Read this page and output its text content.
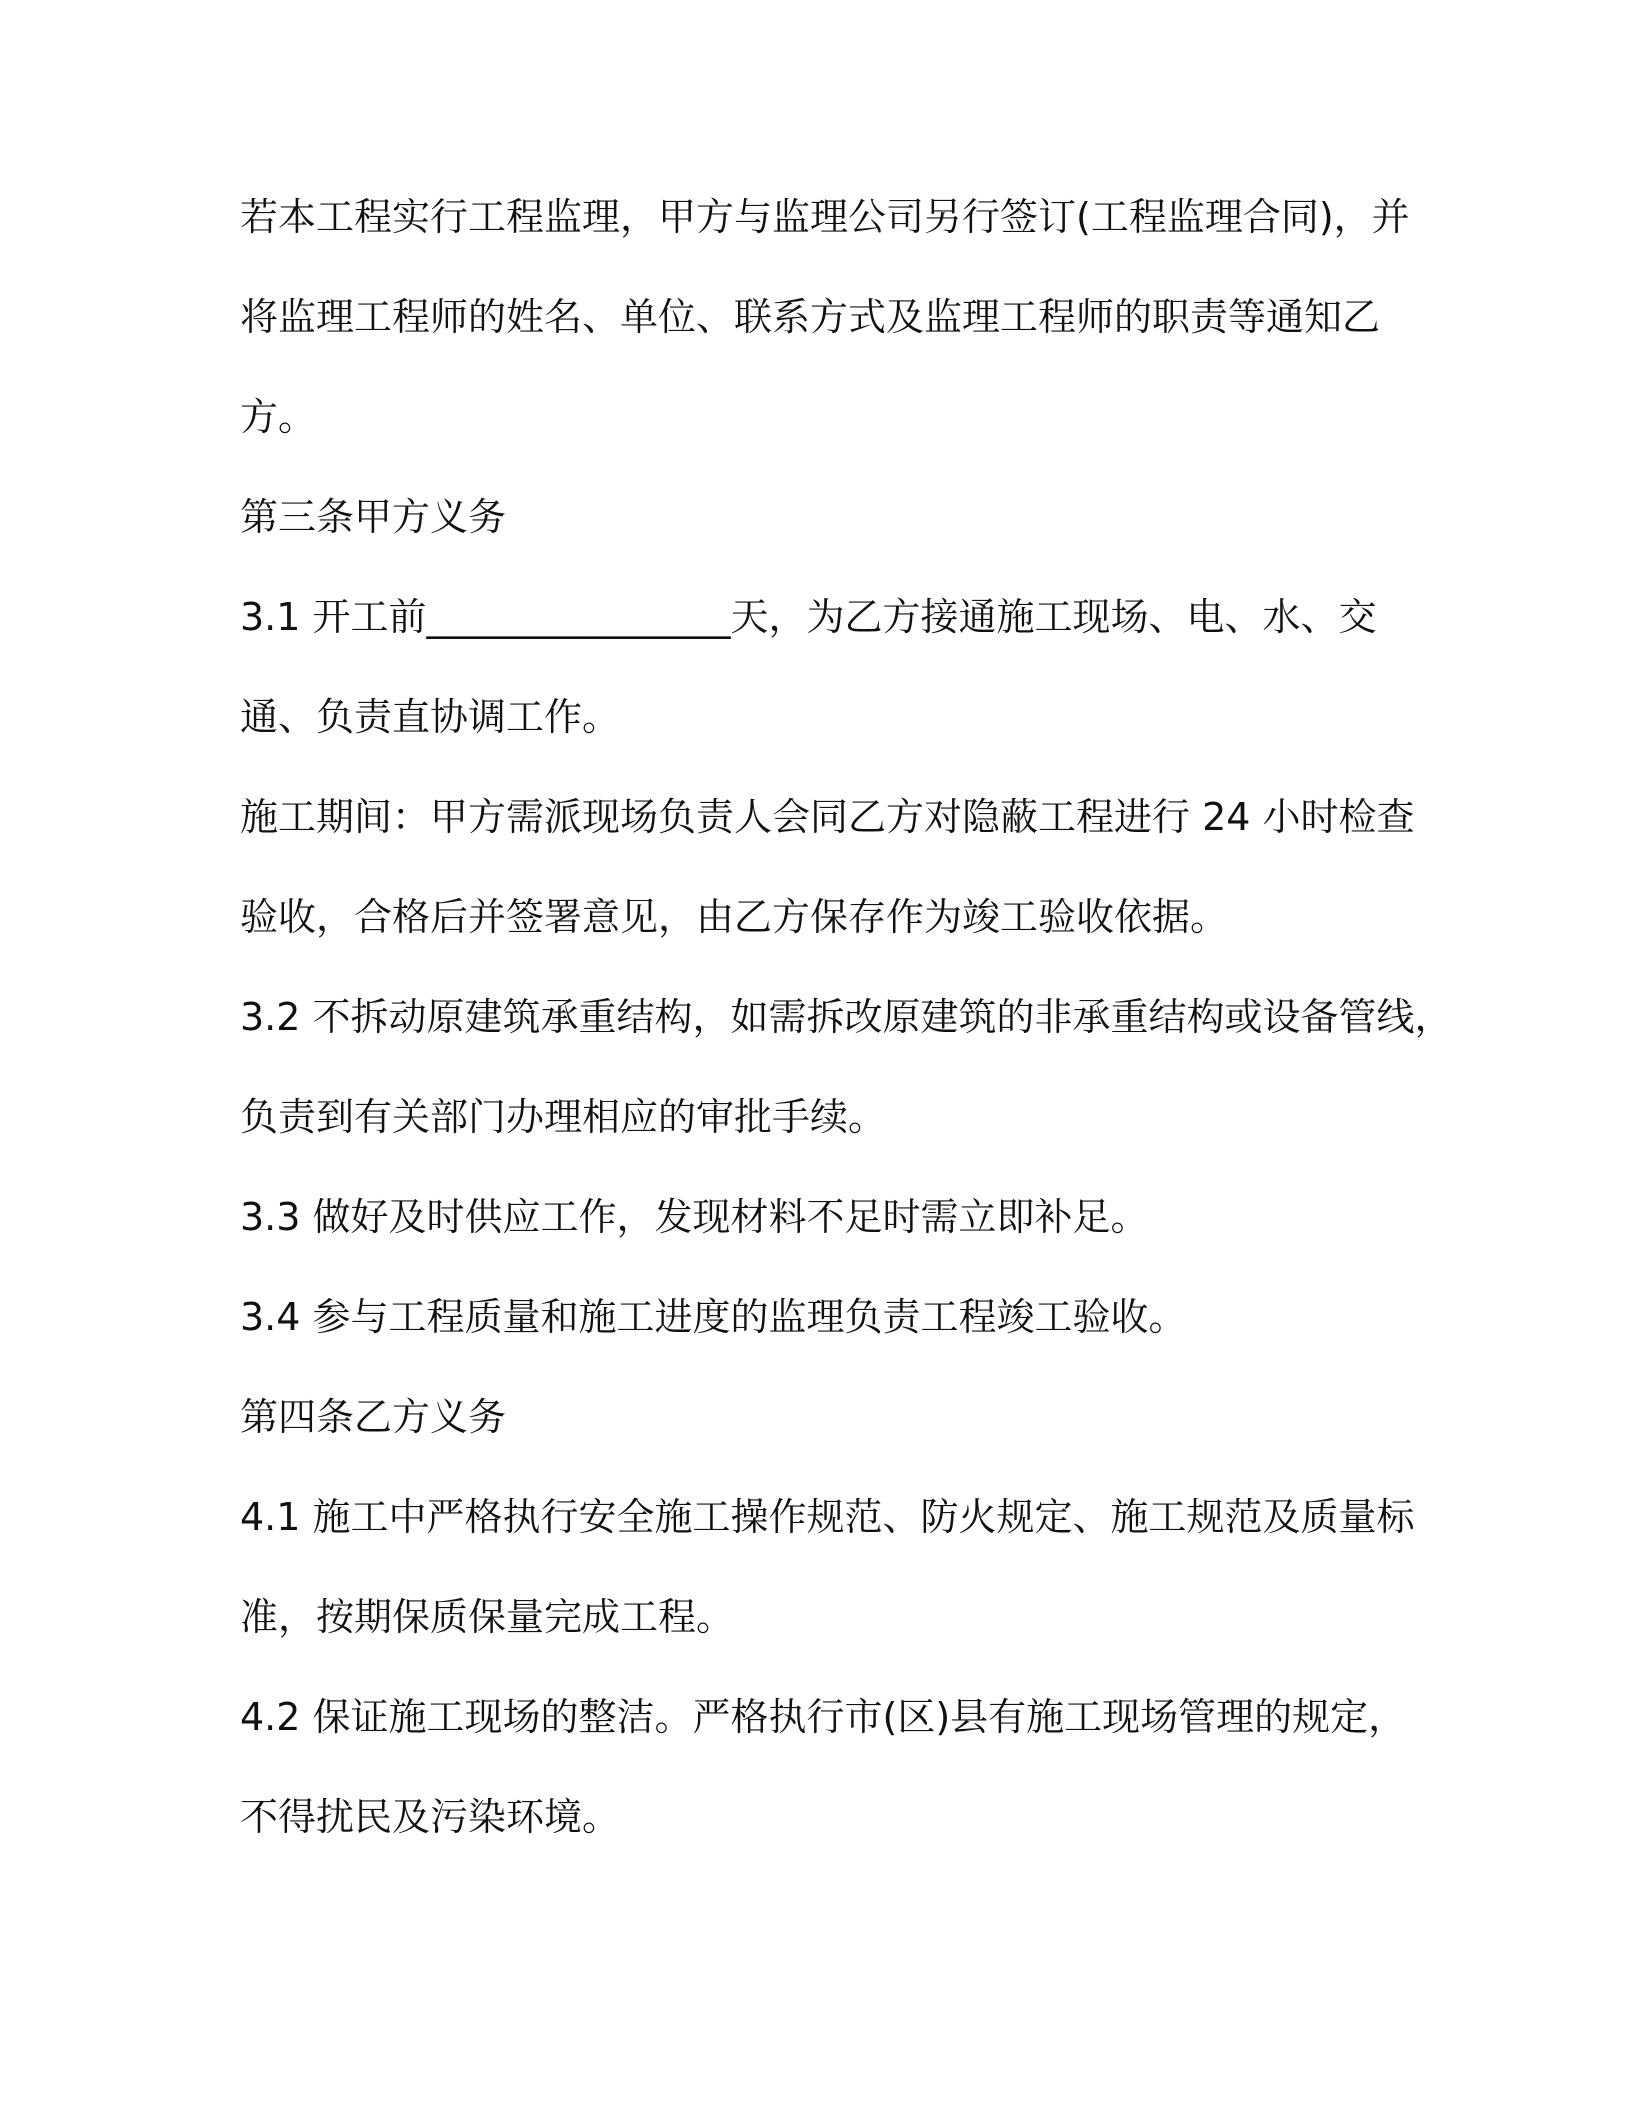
若本工程实行工程监理，甲方与监理公司另行签订(工程监理合同)，并
将监理工程师的姓名、单位、联系方式及监理工程师的职责等通知乙
方。
第三条甲方义务
3.1 开工前________________天，为乙方接通施工现场、电、水、交
通、负责直协调工作。
施工期间：甲方需派现场负责人会同乙方对隐蔽工程进行 24 小时检查
验收，合格后并签署意见，由乙方保存作为竣工验收依据。
3.2 不拆动原建筑承重结构，如需拆改原建筑的非承重结构或设备管线，
负责到有关部门办理相应的审批手续。
3.3 做好及时供应工作，发现材料不足时需立即补足。
3.4 参与工程质量和施工进度的监理负责工程竣工验收。
第四条乙方义务
4.1 施工中严格执行安全施工操作规范、防火规定、施工规范及质量标
准，按期保质保量完成工程。
4.2 保证施工现场的整洁。严格执行市(区)县有施工现场管理的规定，
不得扰民及污染环境。
